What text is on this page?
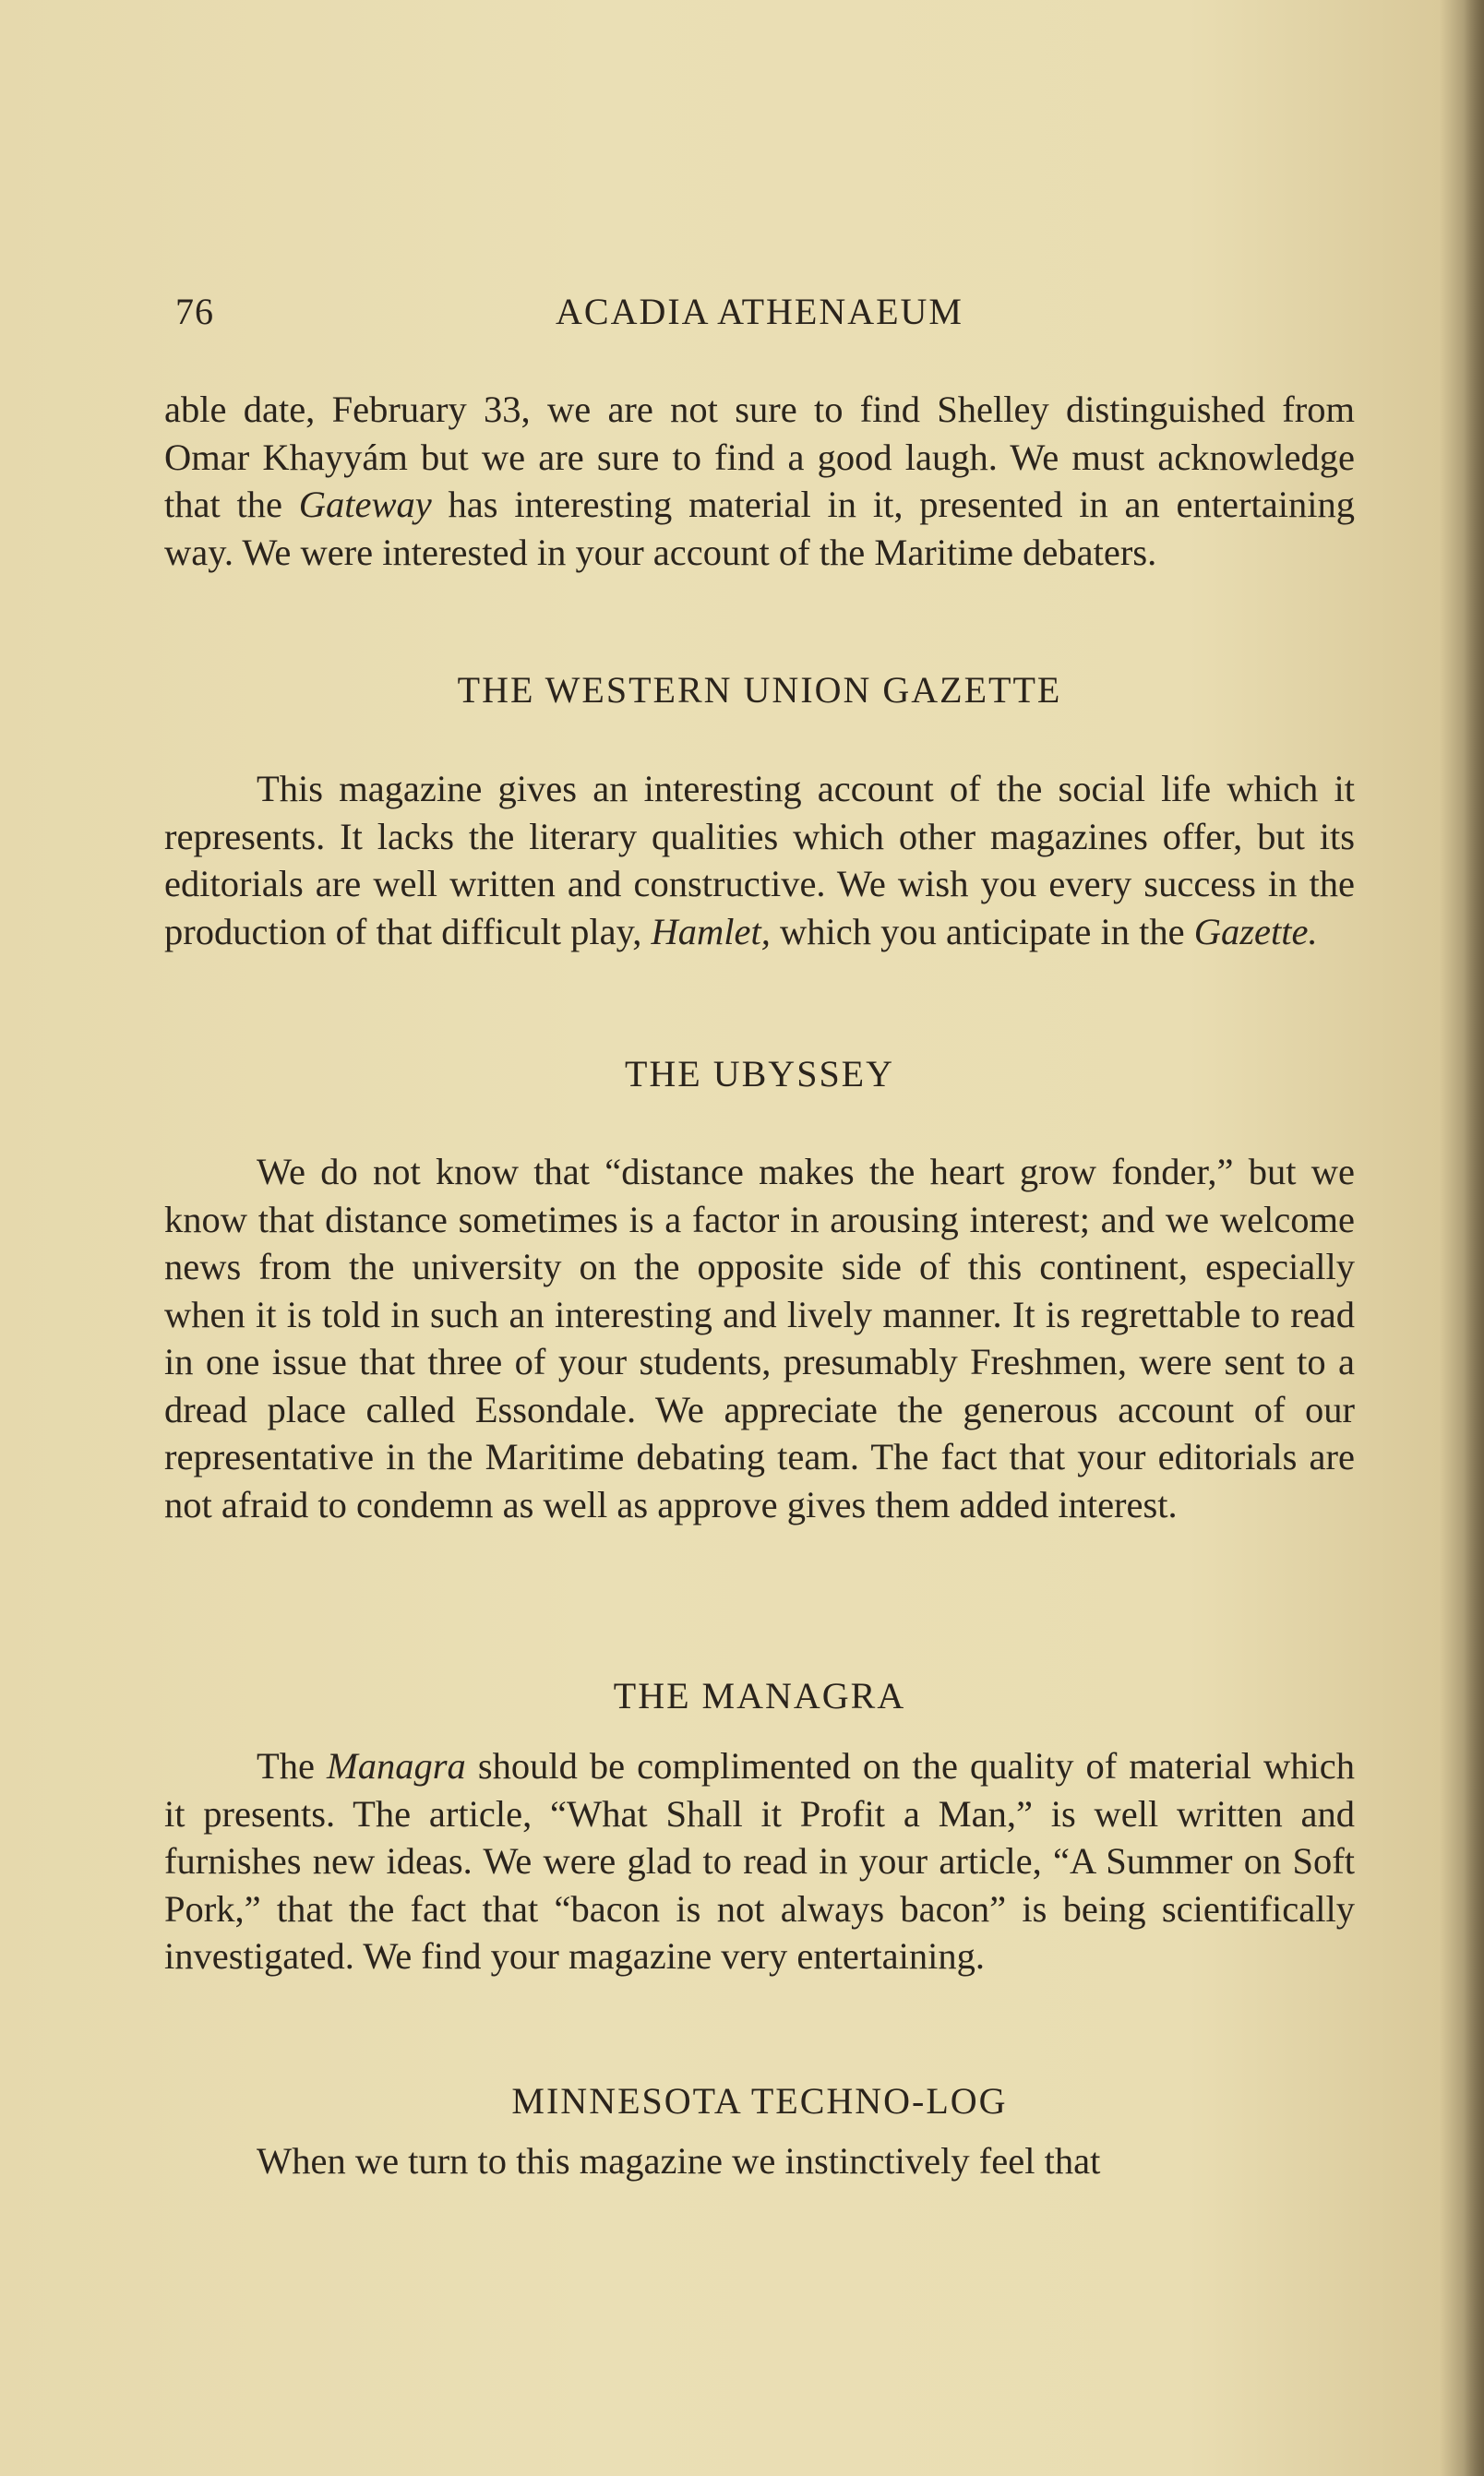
76	ACADIA ATHENAEUM

able date, February 33, we are not sure to find Shelley distinguished from Omar Khayyám but we are sure to find a good laugh. We must acknowledge that the Gateway has interesting material in it, presented in an entertaining way. We were interested in your account of the Maritime debaters.

THE WESTERN UNION GAZETTE

This magazine gives an interesting account of the social life which it represents. It lacks the literary qualities which other magazines offer, but its editorials are well written and constructive. We wish you every success in the production of that difficult play, Hamlet, which you anticipate in the Gazette.

THE UBYSSEY

We do not know that “distance makes the heart grow fonder,” but we know that distance sometimes is a factor in arousing interest; and we welcome news from the university on the opposite side of this continent, especially when it is told in such an interesting and lively manner. It is regrettable to read in one issue that three of your students, presumably Freshmen, were sent to a dread place called Essondale. We appreciate the generous account of our representative in the Maritime debating team. The fact that your editorials are not afraid to condemn as well as approve gives them added interest.

THE MANAGRA

The Managra should be complimented on the quality of material which it presents. The article, “What Shall it Profit a Man,” is well written and furnishes new ideas. We were glad to read in your article, “A Summer on Soft Pork,” that the fact that “bacon is not always bacon” is being scientifically investigated. We find your magazine very entertaining.

MINNESOTA TECHNO-LOG

When we turn to this magazine we instinctively feel that
